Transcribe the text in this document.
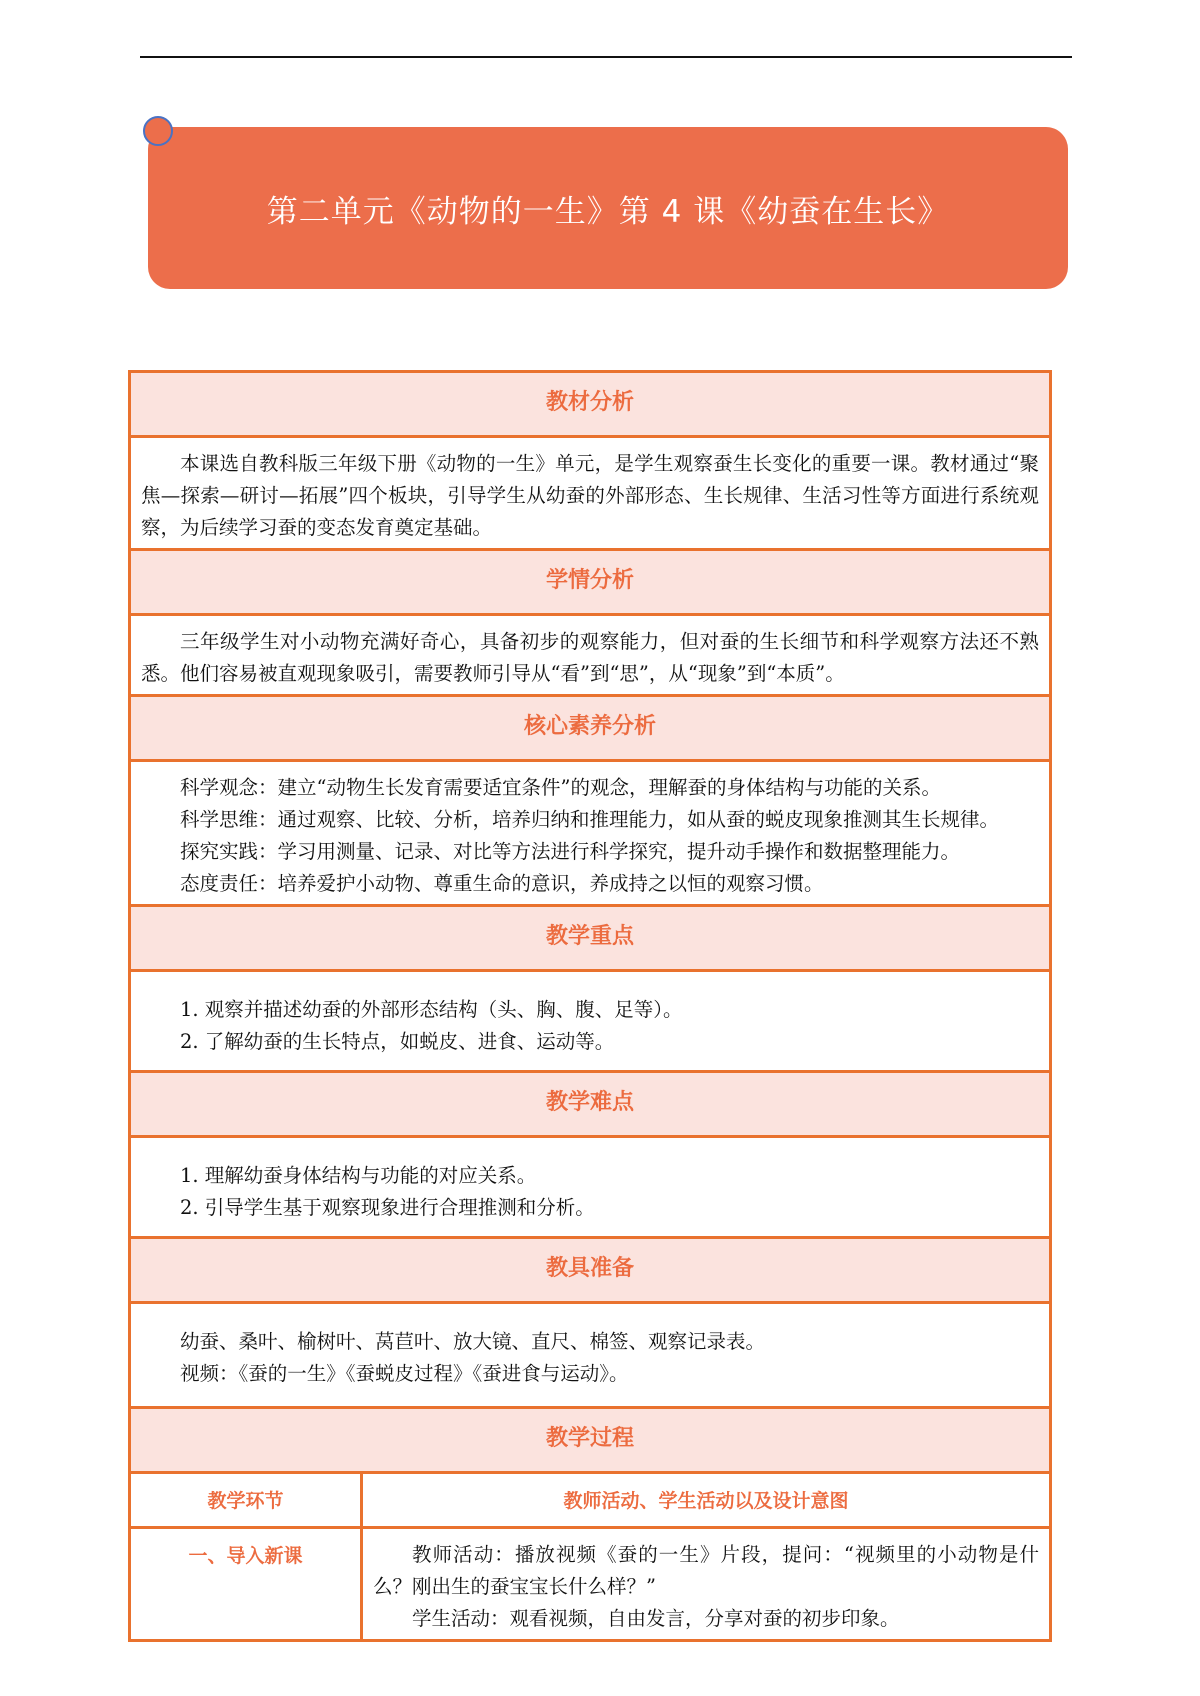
第二单元《动物的一生》第 4 课《幼蚕在生长》
教材分析	

本课选自教科版三年级下册《动物的一生》单元，是学生观察蚕生长变化的重要一课。教材通过“聚焦—探索—研讨—拓展”四个板块，引导学生从幼蚕的外部形态、生长规律、生活习性等方面进行系统观察，为后续学习蚕的变态发育奠定基础。	

学情分析	

三年级学生对小动物充满好奇心，具备初步的观察能力，但对蚕的生长细节和科学观察方法还不熟悉。他们容易被直观现象吸引，需要教师引导从“看”到“思”，从“现象”到“本质”。	

核心素养分析	

科学观念：建立“动物生长发育需要适宜条件”的观念，理解蚕的身体结构与功能的关系。

科学思维：通过观察、比较、分析，培养归纳和推理能力，如从蚕的蜕皮现象推测其生长规律。

探究实践：学习用测量、记录、对比等方法进行科学探究，提升动手操作和数据整理能力。

态度责任：培养爱护小动物、尊重生命的意识，养成持之以恒的观察习惯。	

教学重点	

1. 观察并描述幼蚕的外部形态结构（头、胸、腹、足等）。

2. 了解幼蚕的生长特点，如蜕皮、进食、运动等。	

教学难点	

1. 理解幼蚕身体结构与功能的对应关系。

2. 引导学生基于观察现象进行合理推测和分析。	

教具准备	

幼蚕、桑叶、榆树叶、莴苣叶、放大镜、直尺、棉签、观察记录表。

视频：《蚕的一生》《蚕蜕皮过程》《蚕进食与运动》。	

教学过程	

教学环节	教师活动、学生活动以及设计意图

一、导入新课	教师活动：播放视频《蚕的一生》片段，提问：“视频里的小动物是什么？刚出生的蚕宝宝长什么样？”

学生活动：观看视频，自由发言，分享对蚕的初步印象。
